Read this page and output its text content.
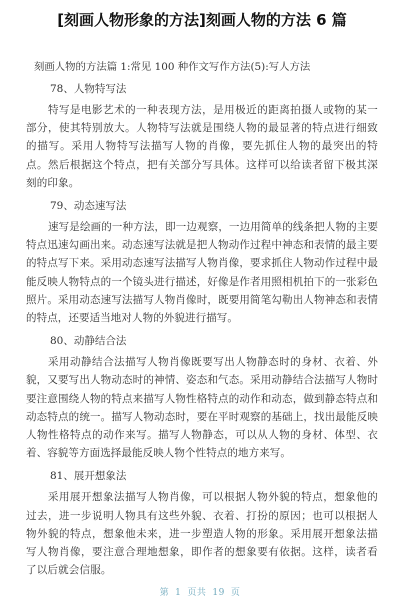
[刻画人物形象的方法]刻画人物的方法 6 篇

刻画人物的方法篇 1:常见 100 种作文写作方法(5):写人方法

78、人物特写法

特写是电影艺术的一种表现方法，是用极近的距离拍摄人或物的某一部分，使其特别放大。人物特写法就是围绕人物的最显著的特点进行细致的描写。采用人物特写法描写人物的肖像，要先抓住人物的最突出的特点。然后根据这个特点，把有关部分写具体。这样可以给读者留下极其深刻的印象。

79、动态速写法

速写是绘画的一种方法，即一边观察，一边用简单的线条把人物的主要特点迅速勾画出来。动态速写法就是把人物动作过程中神态和表情的最主要的特点写下来。采用动态速写法描写人物肖像，要求抓住人物动作过程中最能反映人物特点的一个镜头进行描述，好像是作者用照相机拍下的一张彩色照片。采用动态速写法描写人物肖像时，既要用简笔勾勒出人物神态和表情的特点，还要适当地对人物的外貌进行描写。

80、动静结合法

采用动静结合法描写人物肖像既要写出人物静态时的身材、衣着、外貌，又要写出人物动态时的神情、姿态和气态。采用动静结合法描写人物时要注意围绕人物的特点来描写人物性格特点的动作和动态，做到静态特点和动态特点的统一。描写人物动态时，要在平时观察的基础上，找出最能反映人物性格特点的动作来写。描写人物静态，可以从人物的身材、体型、衣着、容貌等方面选择最能反映人物个性特点的地方来写。

81、展开想象法

采用展开想象法描写人物肖像，可以根据人物外貌的特点，想象他的过去，进一步说明人物具有这些外貌、衣着、打扮的原因；也可以根据人物外貌的特点，想象他未来，进一步塑造人物的形象。采用展开想象法描写人物肖像，要注意合理地想象，即作者的想象要有依据。这样，读者看了以后就会信服。

第 1 页共 19 页
